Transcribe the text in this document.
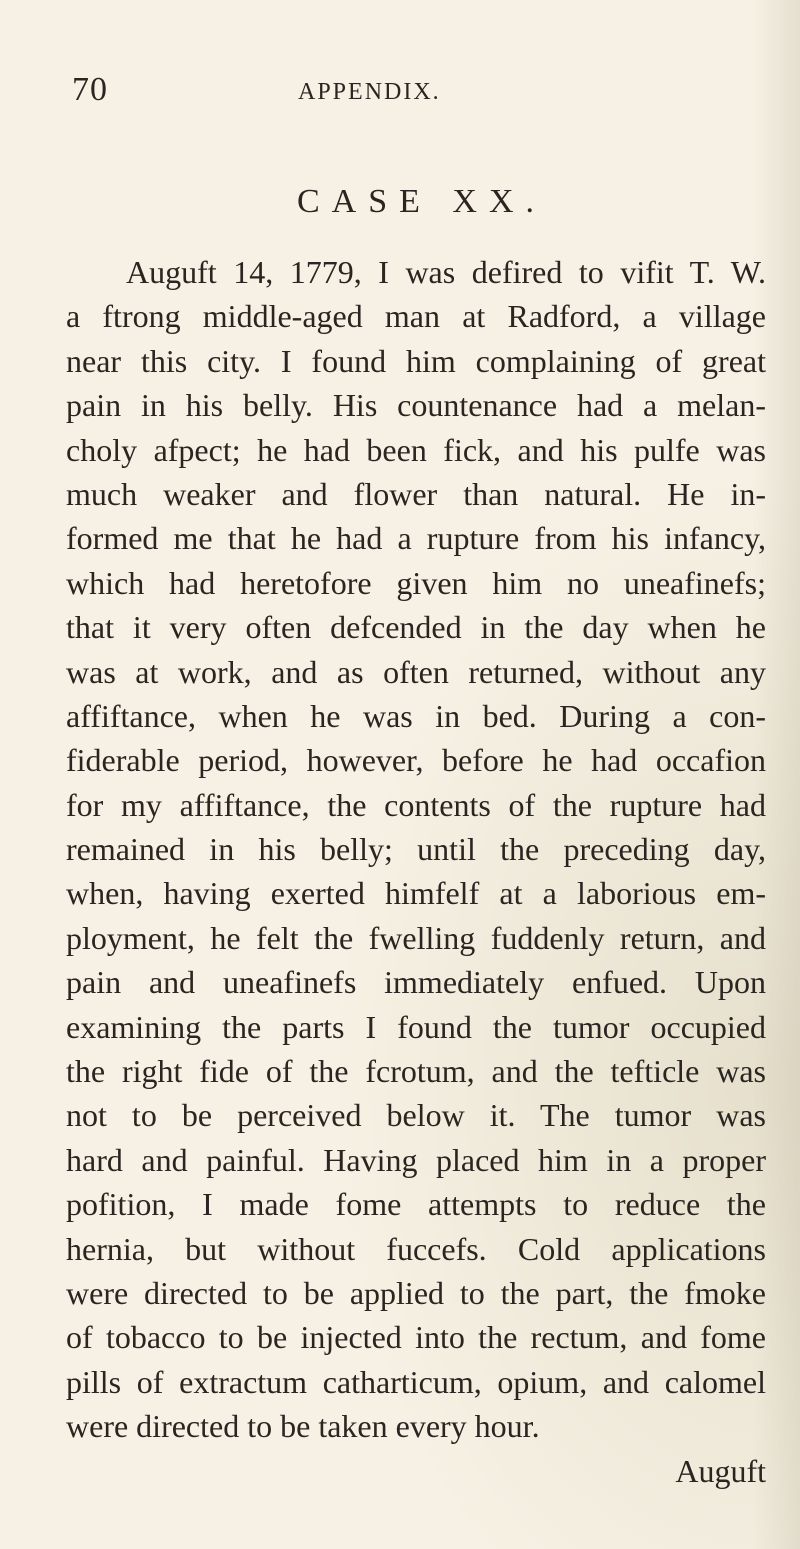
70	APPENDIX.
CASE XX.
Auguft 14, 1779, I was defired to vifit T. W.
a ftrong middle-aged man at Radford, a village
near this city. I found him complaining of great
pain in his belly. His countenance had a melan-
choly afpect; he had been fick, and his pulfe was
much weaker and flower than natural. He in-
formed me that he had a rupture from his infancy,
which had heretofore given him no uneafinefs;
that it very often defcended in the day when he
was at work, and as often returned, without any
affiftance, when he was in bed. During a con-
fiderable period, however, before he had occafion
for my affiftance, the contents of the rupture had
remained in his belly; until the preceding day,
when, having exerted himfelf at a laborious em-
ployment, he felt the fwelling fuddenly return, and
pain and uneafinefs immediately enfued. Upon
examining the parts I found the tumor occupied
the right fide of the fcrotum, and the tefticle was
not to be perceived below it. The tumor was
hard and painful. Having placed him in a proper
pofition, I made fome attempts to reduce the
hernia, but without fuccefs. Cold applications
were directed to be applied to the part, the fmoke
of tobacco to be injected into the rectum, and fome
pills of extractum catharticum, opium, and calomel
were directed to be taken every hour.
Auguft
